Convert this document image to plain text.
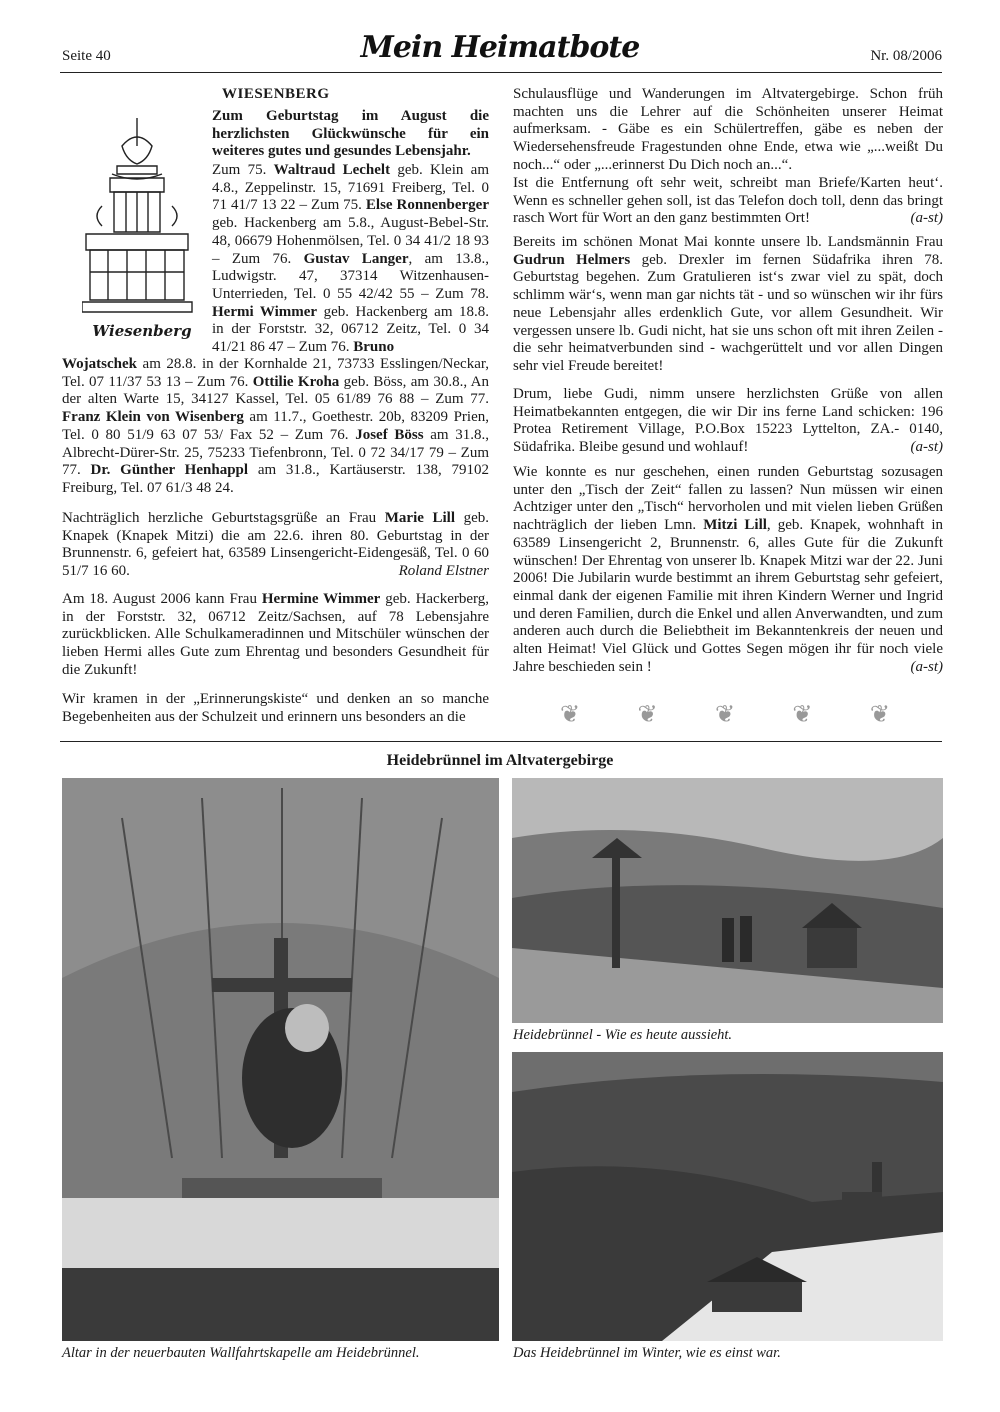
Seite 40	Mein Heimatbote	Nr. 08/2006
WIESENBERG
Wiesenberg

Zum Geburtstag im August die herzlichsten Glückwünsche für ein weiteres gutes und gesundes Lebensjahr.

Zum 75. Waltraud Lechelt geb. Klein am 4.8., Zeppelinstr. 15, 71691 Freiberg, Tel. 0 71 41/7 13 22 – Zum 75. Else Ronnenberger geb. Hackenberg am 5.8., August-Bebel-Str. 48, 06679 Hohenmölsen, Tel. 0 34 41/2 18 93 – Zum 76. Gustav Langer, am 13.8., Ludwigstr. 47, 37314 Witzenhausen-Unterrieden, Tel. 0 55 42/42 55 – Zum 78. Hermi Wimmer geb. Hackenberg am 18.8. in der Forststr. 32, 06712 Zeitz, Tel. 0 34 41/21 86 47 – Zum 76. Bruno

Wojatschek am 28.8. in der Kornhalde 21, 73733 Esslingen/Neckar, Tel. 07 11/37 53 13 – Zum 76. Ottilie Kroha geb. Böss, am 30.8., An der alten Warte 15, 34127 Kassel, Tel. 05 61/89 76 88 – Zum 77. Franz Klein von Wisenberg am 11.7., Goethestr. 20b, 83209 Prien, Tel. 0 80 51/9 63 07 53/ Fax 52 – Zum 76. Josef Böss am 31.8., Albrecht-Dürer-Str. 25, 75233 Tiefenbronn, Tel. 0 72 34/17 79 – Zum 77. Dr. Günther Henhappl am 31.8., Kartäuserstr. 138, 79102 Freiburg, Tel. 07 61/3 48 24.

Nachträglich herzliche Geburtstagsgrüße an Frau Marie Lill geb. Knapek (Knapek Mitzi) die am 22.6. ihren 80. Geburtstag in der Brunnenstr. 6, gefeiert hat, 63589 Linsengericht-Eidengesäß, Tel. 0 60 51/7 16 60.	Roland Elstner

Am 18. August 2006 kann Frau Hermine Wimmer geb. Hackerberg, in der Forststr. 32, 06712 Zeitz/Sachsen, auf 78 Lebensjahre zurückblicken. Alle Schulkameradinnen und Mitschüler wünschen der lieben Hermi alles Gute zum Ehrentag und besonders Gesundheit für die Zukunft!

Wir kramen in der „Erinnerungskiste“ und denken an so manche Begebenheiten aus der Schulzeit und erinnern uns besonders an die

Schulausflüge und Wanderungen im Altvatergebirge. Schon früh machten uns die Lehrer auf die Schönheiten unserer Heimat aufmerksam. - Gäbe es ein Schülertreffen, gäbe es neben der Wiedersehensfreude Fragestunden ohne Ende, etwa wie „...weißt Du noch...“ oder „...erinnerst Du Dich noch an...“.

Ist die Entfernung oft sehr weit, schreibt man Briefe/Karten heut‘. Wenn es schneller gehen soll, ist das Telefon doch toll, denn das bringt rasch Wort für Wort an den ganz bestimmten Ort!	(a-st)

Bereits im schönen Monat Mai konnte unsere lb. Landsmännin Frau Gudrun Helmers geb. Drexler im fernen Südafrika ihren 78. Geburtstag begehen. Zum Gratulieren ist‘s zwar viel zu spät, doch schlimm wär‘s, wenn man gar nichts tät - und so wünschen wir ihr fürs neue Lebensjahr alles erdenklich Gute, vor allem Gesundheit. Wir vergessen unsere lb. Gudi nicht, hat sie uns schon oft mit ihren Zeilen - die sehr heimatverbunden sind - wachgerüttelt und vor allen Dingen sehr viel Freude bereitet!

Drum, liebe Gudi, nimm unsere herzlichsten Grüße von allen Heimatbekannten entgegen, die wir Dir ins ferne Land schicken: 196 Protea Retirement Village, P.O.Box 15223 Lyttelton, ZA.- 0140, Südafrika. Bleibe gesund und wohlauf!	(a-st)

Wie konnte es nur geschehen, einen runden Geburtstag sozusagen unter den „Tisch der Zeit“ fallen zu lassen? Nun müssen wir einen Achtziger unter den „Tisch“ hervorholen und mit vielen lieben Grüßen nachträglich der lieben Lmn. Mitzi Lill, geb. Knapek, wohnhaft in 63589 Linsengericht 2, Brunnenstr. 6, alles Gute für die Zukunft wünschen! Der Ehrentag von unserer lb. Knapek Mitzi war der 22. Juni 2006! Die Jubilarin wurde bestimmt an ihrem Geburtstag sehr gefeiert, einmal dank der eigenen Familie mit ihren Kindern Werner und Ingrid und deren Familien, durch die Enkel und allen Anverwandten, und zum anderen auch durch die Beliebtheit im Bekanntenkreis der neuen und alten Heimat! Viel Glück und Gottes Segen mögen ihr für noch viele Jahre beschieden sein !	(a-st)

❦ ❦ ❦ ❦ ❦
Heidebrünnel im Altvatergebirge
Altar in der neuerbauten Wallfahrtskapelle am Heidebrünnel.
Heidebrünnel - Wie es heute aussieht.
Das Heidebrünnel im Winter, wie es einst war.
